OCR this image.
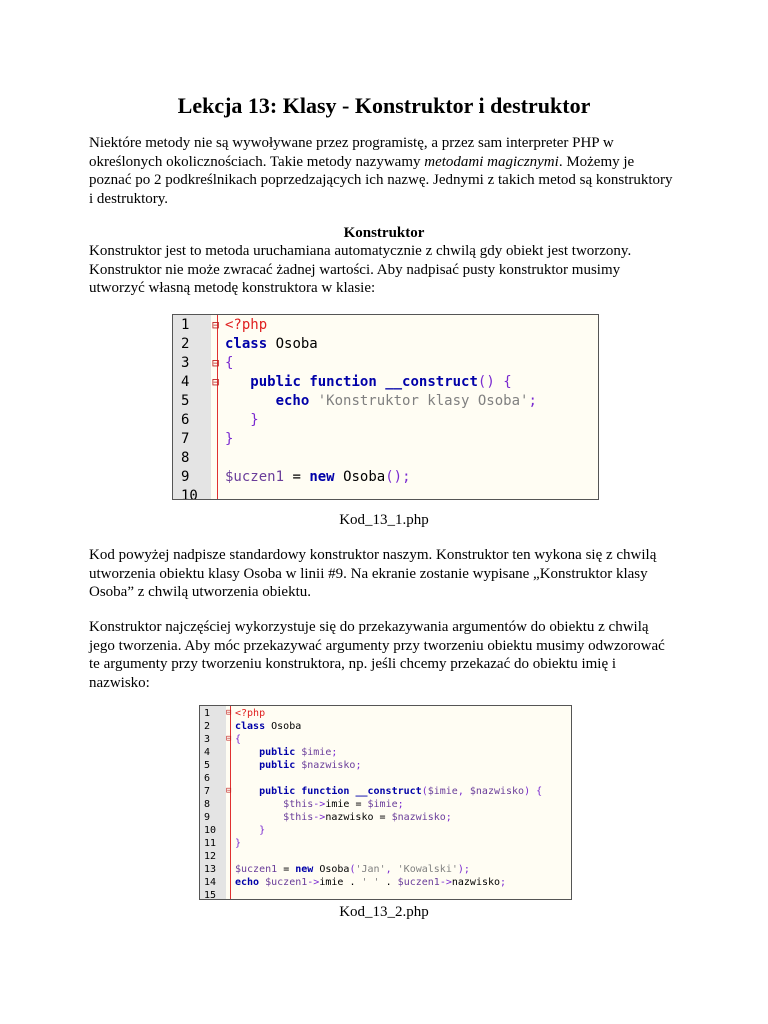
Lekcja 13: Klasy - Konstruktor i destruktor
Niektóre metody nie są wywoływane przez programistę, a przez sam interpreter PHP w
określonych okolicznościach. Takie metody nazywamy metodami magicznymi. Możemy je
poznać po 2 podkreślnikach poprzedzających ich nazwę. Jednymi z takich metod są konstruktory
i destruktory.
Konstruktor
Konstruktor jest to metoda uruchamiana automatycznie z chwilą gdy obiekt jest tworzony.
Konstruktor nie może zwracać żadnej wartości. Aby nadpisać pusty konstruktor musimy
utworzyć własną metodę konstruktora w klasie:
1 ⊟ <?php
2	class Osoba
3 ⊟ {
4 ⊟	public function __construct() {
5	echo 'Konstruktor klasy Osoba';
6	}
7	}
8
9	$uczen1 = new Osoba();
10
Kod_13_1.php
Kod powyżej nadpisze standardowy konstruktor naszym. Konstruktor ten wykona się z chwilą
utworzenia obiektu klasy Osoba w linii #9. Na ekranie zostanie wypisane „Konstruktor klasy
Osoba” z chwilą utworzenia obiektu.
Konstruktor najczęściej wykorzystuje się do przekazywania argumentów do obiektu z chwilą
jego tworzenia. Aby móc przekazywać argumenty przy tworzeniu obiektu musimy odwzorować
te argumenty przy tworzeniu konstruktora, np. jeśli chcemy przekazać do obiektu imię i
nazwisko:
1 ⊟ <?php
2 class Osoba
3 ⊟ {
4	public $imie;
5	public $nazwisko;
6
7 ⊟	public function __construct($imie, $nazwisko) {
8	$this->imie = $imie;
9	$this->nazwisko = $nazwisko;
10	}
11 }
12
13 $uczen1 = new Osoba('Jan', 'Kowalski');
14 echo $uczen1->imie . ' ' . $uczen1->nazwisko;
15
Kod_13_2.php
